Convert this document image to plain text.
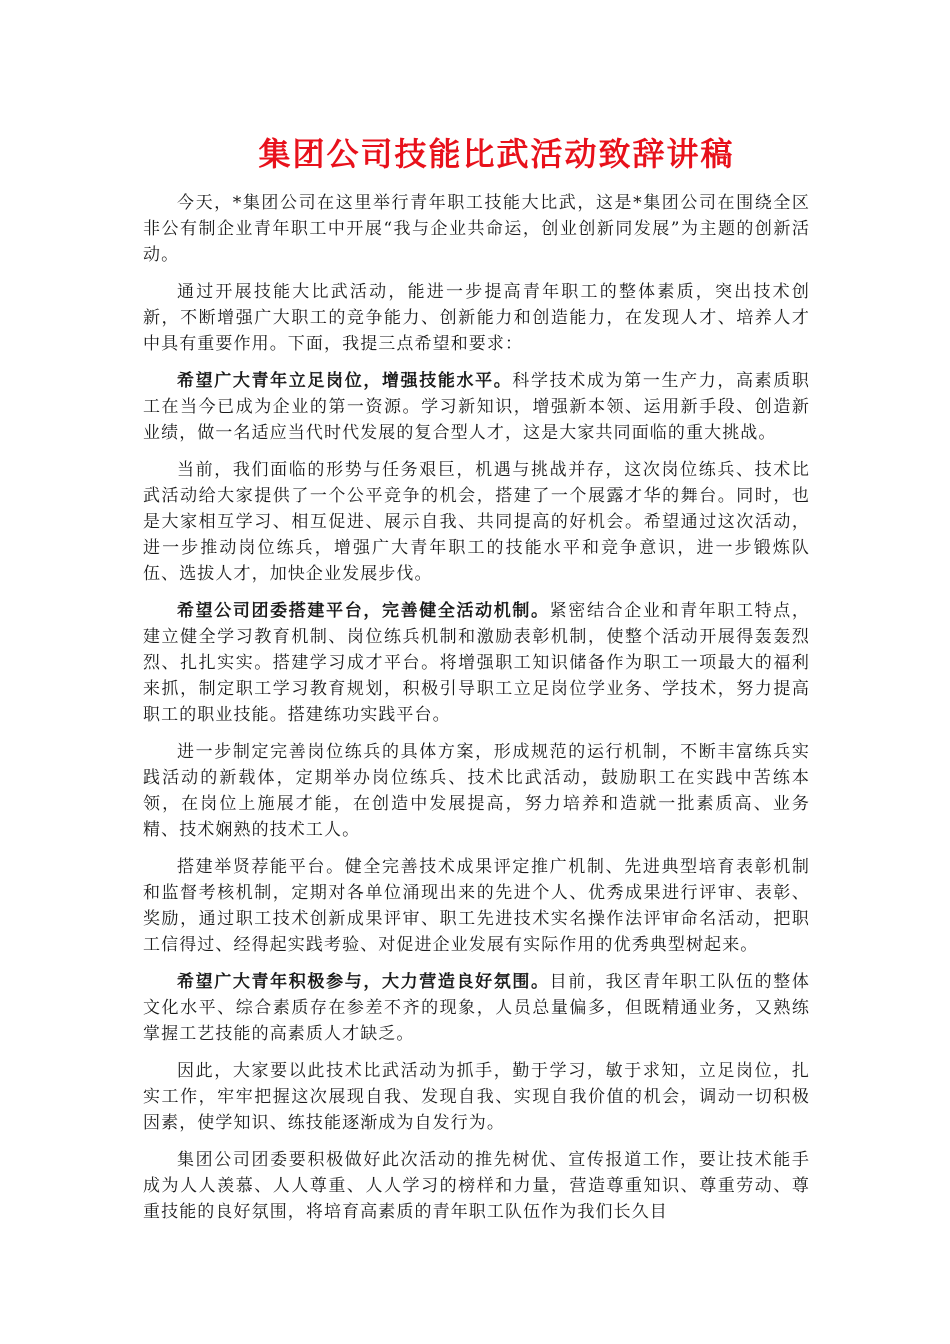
集团公司技能比武活动致辞讲稿

今天，*集团公司在这里举行青年职工技能大比武，这是*集团公司在围绕全区非公有制企业青年职工中开展“我与企业共命运，创业创新同发展”为主题的创新活动。

通过开展技能大比武活动，能进一步提高青年职工的整体素质，突出技术创新，不断增强广大职工的竞争能力、创新能力和创造能力，在发现人才、培养人才中具有重要作用。下面，我提三点希望和要求：

希望广大青年立足岗位，增强技能水平。科学技术成为第一生产力，高素质职工在当今已成为企业的第一资源。学习新知识，增强新本领、运用新手段、创造新业绩，做一名适应当代时代发展的复合型人才，这是大家共同面临的重大挑战。

当前，我们面临的形势与任务艰巨，机遇与挑战并存，这次岗位练兵、技术比武活动给大家提供了一个公平竞争的机会，搭建了一个展露才华的舞台。同时，也是大家相互学习、相互促进、展示自我、共同提高的好机会。希望通过这次活动，进一步推动岗位练兵，增强广大青年职工的技能水平和竞争意识，进一步锻炼队伍、选拔人才，加快企业发展步伐。

希望公司团委搭建平台，完善健全活动机制。紧密结合企业和青年职工特点，建立健全学习教育机制、岗位练兵机制和激励表彰机制，使整个活动开展得轰轰烈烈、扎扎实实。搭建学习成才平台。将增强职工知识储备作为职工一项最大的福利来抓，制定职工学习教育规划，积极引导职工立足岗位学业务、学技术，努力提高职工的职业技能。搭建练功实践平台。

进一步制定完善岗位练兵的具体方案，形成规范的运行机制，不断丰富练兵实践活动的新载体，定期举办岗位练兵、技术比武活动，鼓励职工在实践中苦练本领，在岗位上施展才能，在创造中发展提高，努力培养和造就一批素质高、业务精、技术娴熟的技术工人。

搭建举贤荐能平台。健全完善技术成果评定推广机制、先进典型培育表彰机制和监督考核机制，定期对各单位涌现出来的先进个人、优秀成果进行评审、表彰、奖励，通过职工技术创新成果评审、职工先进技术实名操作法评审命名活动，把职工信得过、经得起实践考验、对促进企业发展有实际作用的优秀典型树起来。

希望广大青年积极参与，大力营造良好氛围。目前，我区青年职工队伍的整体文化水平、综合素质存在参差不齐的现象，人员总量偏多，但既精通业务，又熟练掌握工艺技能的高素质人才缺乏。

因此，大家要以此技术比武活动为抓手，勤于学习，敏于求知，立足岗位，扎实工作，牢牢把握这次展现自我、发现自我、实现自我价值的机会，调动一切积极因素，使学知识、练技能逐渐成为自发行为。

集团公司团委要积极做好此次活动的推先树优、宣传报道工作，要让技术能手成为人人羡慕、人人尊重、人人学习的榜样和力量，营造尊重知识、尊重劳动、尊重技能的良好氛围，将培育高素质的青年职工队伍作为我们长久目
